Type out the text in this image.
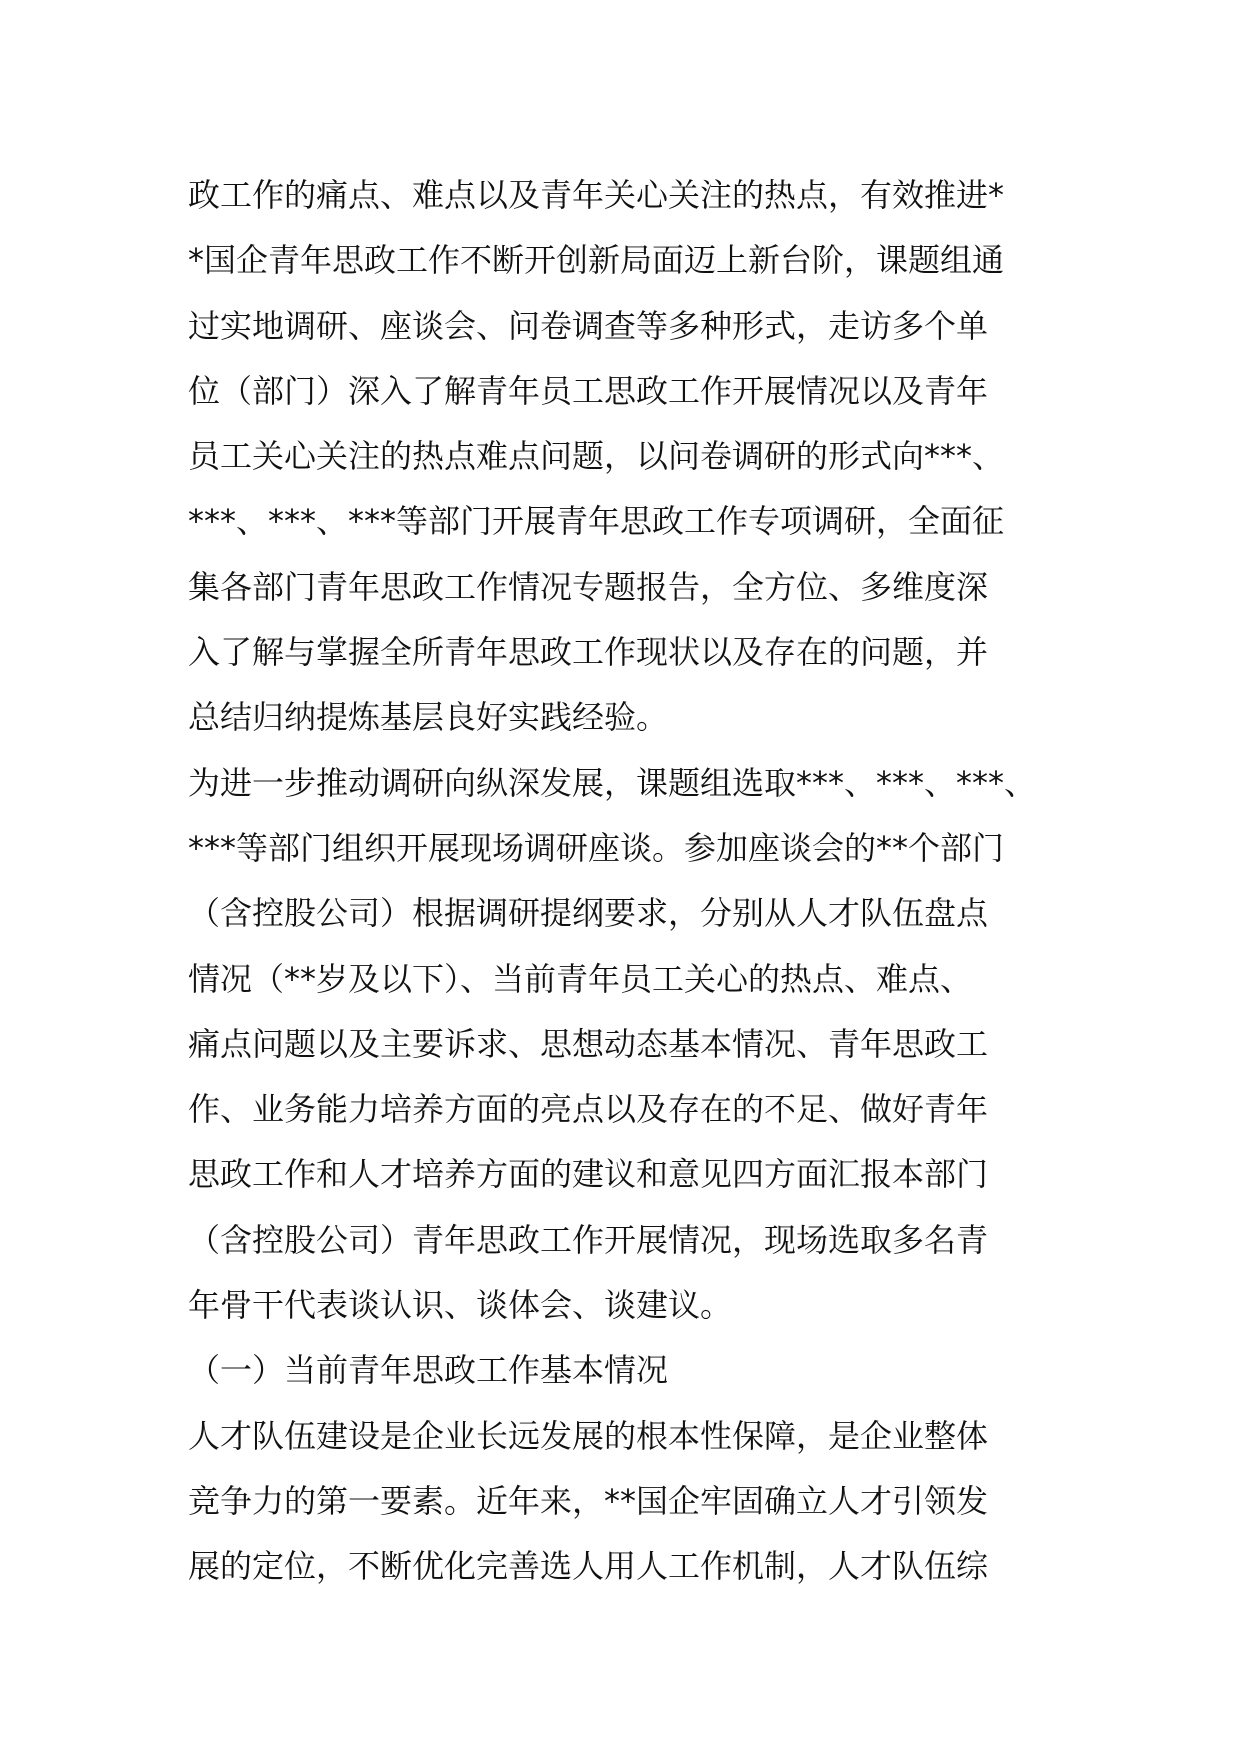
政工作的痛点、难点以及青年关心关注的热点，有效推进*
*国企青年思政工作不断开创新局面迈上新台阶，课题组通
过实地调研、座谈会、问卷调查等多种形式，走访多个单
位（部门）深入了解青年员工思政工作开展情况以及青年
员工关心关注的热点难点问题，以问卷调研的形式向***、
***、***、***等部门开展青年思政工作专项调研，全面征
集各部门青年思政工作情况专题报告，全方位、多维度深
入了解与掌握全所青年思政工作现状以及存在的问题，并
总结归纳提炼基层良好实践经验。
为进一步推动调研向纵深发展，课题组选取***、***、***、
***等部门组织开展现场调研座谈。参加座谈会的**个部门
（含控股公司）根据调研提纲要求，分别从人才队伍盘点
情况（**岁及以下）、当前青年员工关心的热点、难点、
痛点问题以及主要诉求、思想动态基本情况、青年思政工
作、业务能力培养方面的亮点以及存在的不足、做好青年
思政工作和人才培养方面的建议和意见四方面汇报本部门
（含控股公司）青年思政工作开展情况，现场选取多名青
年骨干代表谈认识、谈体会、谈建议。
（一）当前青年思政工作基本情况
人才队伍建设是企业长远发展的根本性保障，是企业整体
竞争力的第一要素。近年来，**国企牢固确立人才引领发
展的定位，不断优化完善选人用人工作机制，人才队伍综
